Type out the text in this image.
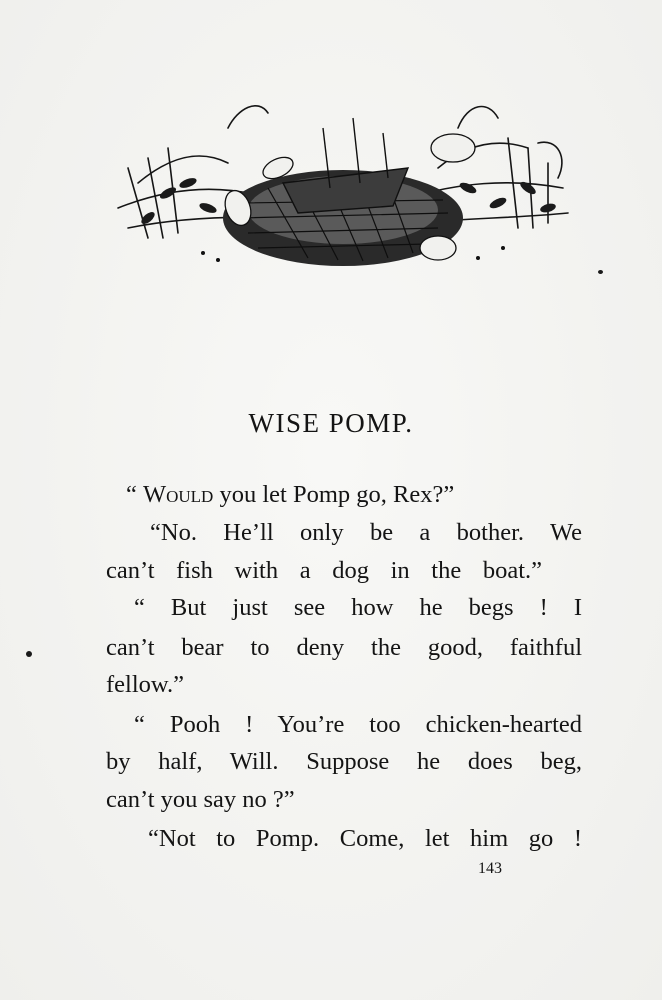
WISE POMP.
“ Would you let Pomp go, Rex?”
“No. He’ll only be a bother. We
can’t fish with a dog in the boat.”
“ But just see how he begs ! I
can’t bear to deny the good, faithful
fellow.”
“ Pooh ! You’re too chicken-hearted
by half, Will. Suppose he does beg,
can’t you say no ?”
“Not to Pomp. Come, let him go !
143
